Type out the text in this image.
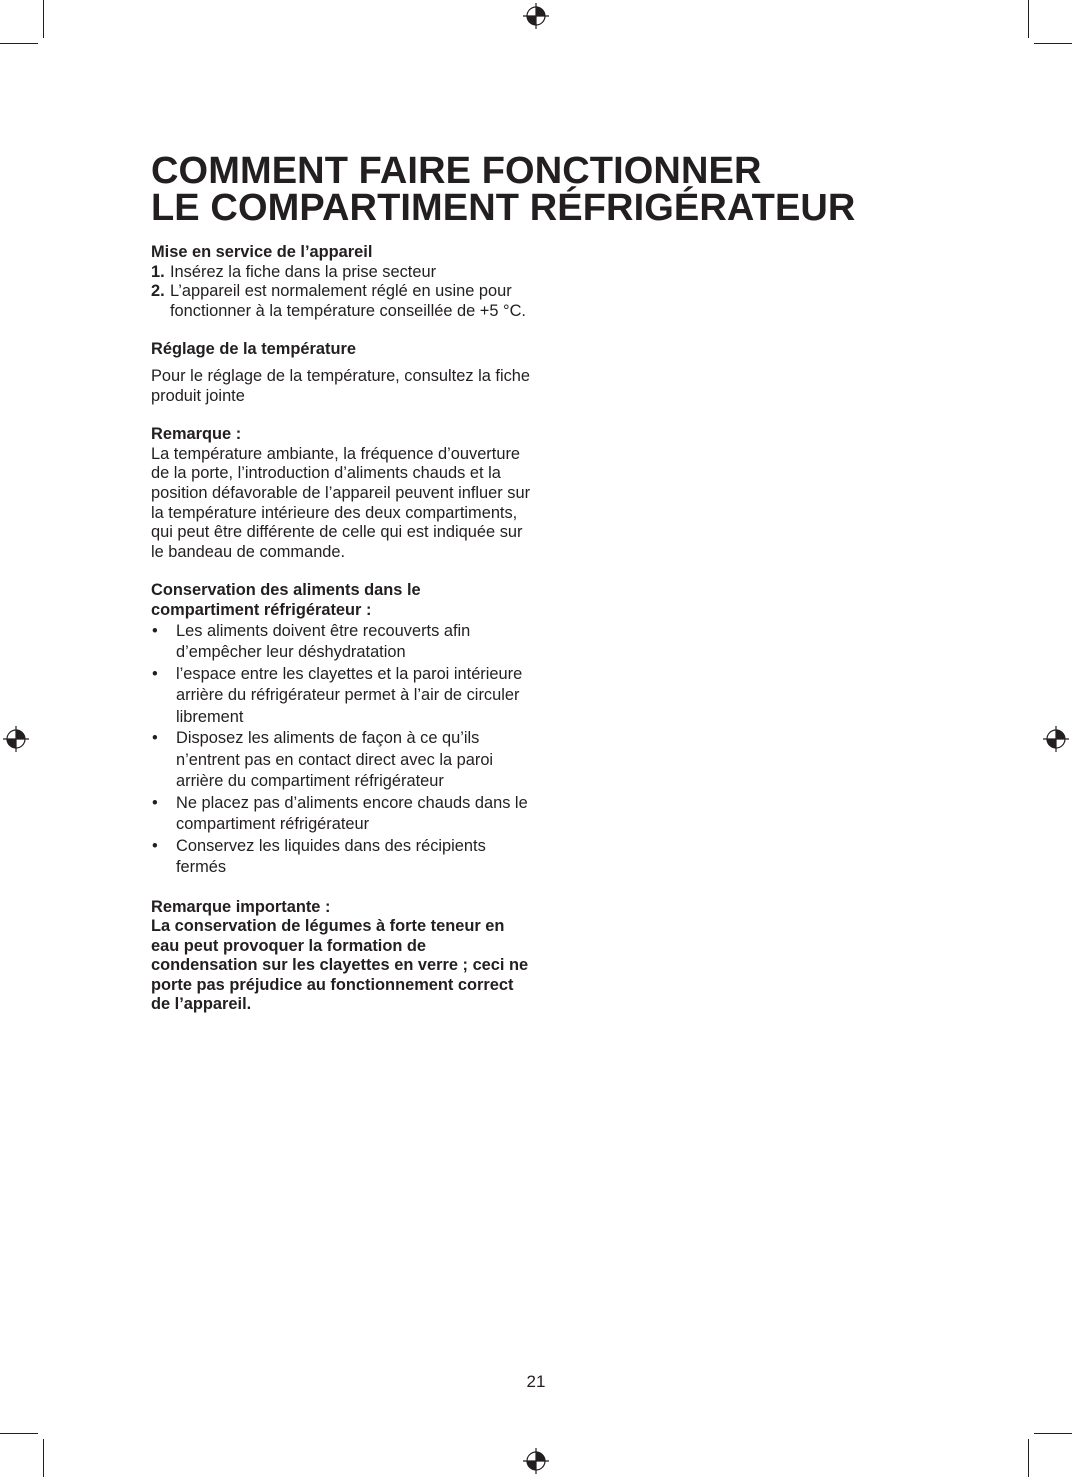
COMMENT FAIRE FONCTIONNER
LE COMPARTIMENT RÉFRIGÉRATEUR

Mise en service de l’appareil

1. Insérez la fiche dans la prise secteur
2. L’appareil est normalement réglé en usine pour fonctionner à la température conseillée de +5 °C.

Réglage de la température

Pour le réglage de la température, consultez la fiche produit jointe

Remarque :

La température ambiante, la fréquence d’ouverture de la porte, l’introduction d’aliments chauds et la position défavorable de l’appareil peuvent influer sur la température intérieure des deux compartiments, qui peut être différente de celle qui est indiquée sur le bandeau de commande.

Conservation des aliments dans le compartiment réfrigérateur :

•	Les aliments doivent être recouverts afin d’empêcher leur déshydratation
•	l’espace entre les clayettes et la paroi intérieure arrière du réfrigérateur permet à l’air de circuler librement
•	Disposez les aliments de façon à ce qu’ils n’entrent pas en contact direct avec la paroi arrière du compartiment réfrigérateur
•	Ne placez pas d’aliments encore chauds dans le compartiment réfrigérateur
•	Conservez les liquides dans des récipients fermés

Remarque importante :

La conservation de légumes à forte teneur en eau peut provoquer la formation de condensation sur les clayettes en verre ; ceci ne porte pas préjudice au fonctionnement correct de l’appareil.

21
